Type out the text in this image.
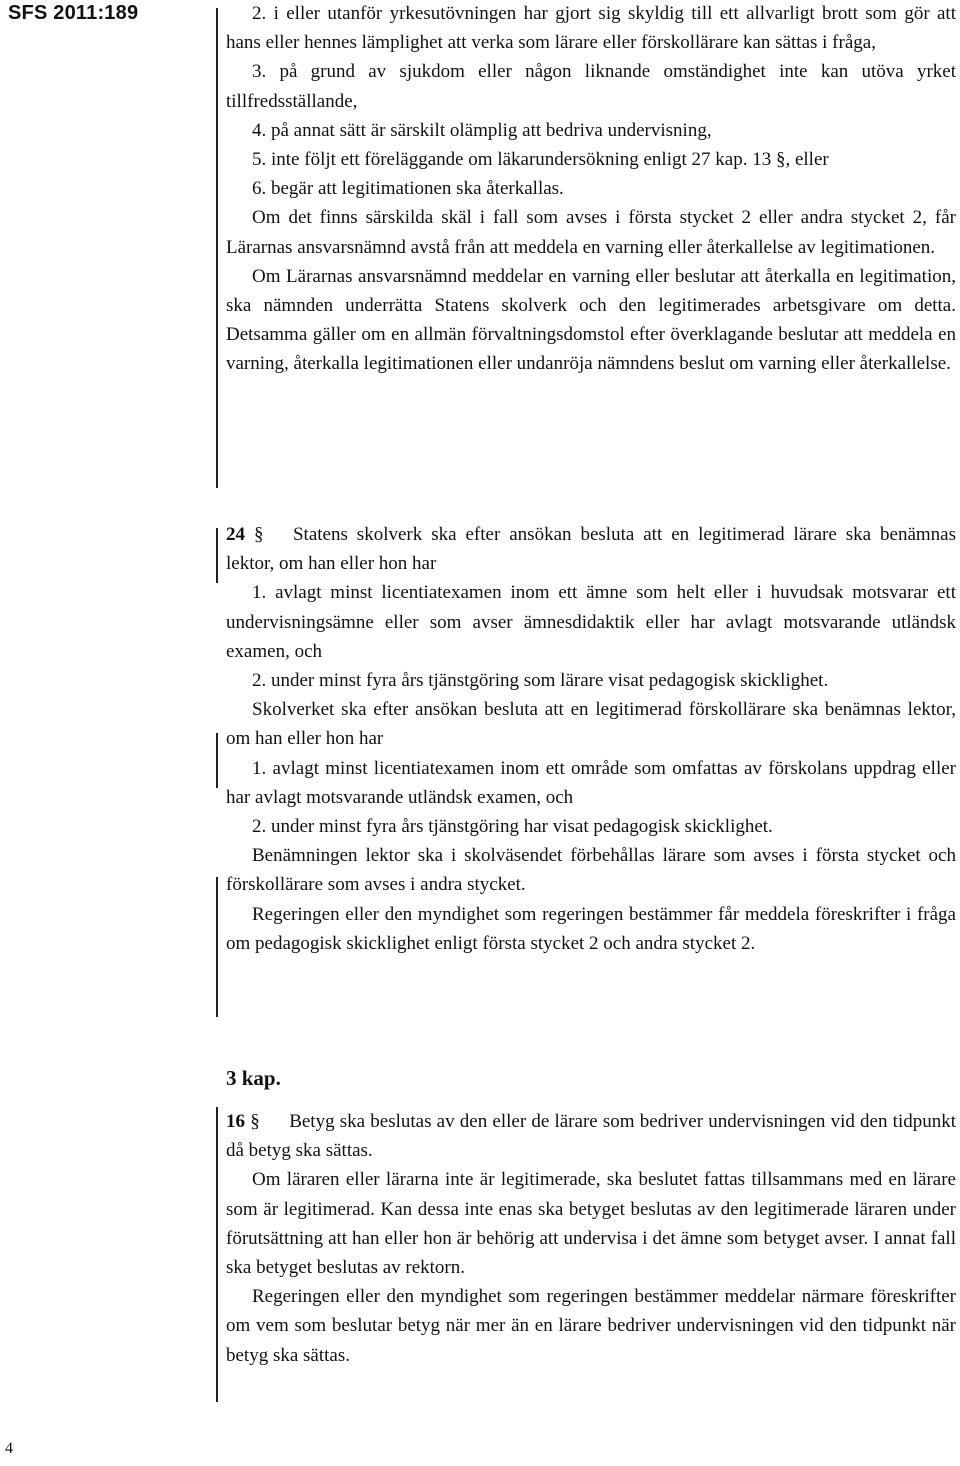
SFS 2011:189	2. i eller utanför yrkesutövningen har gjort sig skyldig till ett allvarligt brott som gör att hans eller hennes lämplighet att verka som lärare eller förskollärare kan sättas i fråga,

3. på grund av sjukdom eller någon liknande omständighet inte kan utöva yrket tillfredsställande,

4. på annat sätt är särskilt olämplig att bedriva undervisning,

5. inte följt ett föreläggande om läkarundersökning enligt 27 kap. 13 §, eller

6. begär att legitimationen ska återkallas.

Om det finns särskilda skäl i fall som avses i första stycket 2 eller andra stycket 2, får Lärarnas ansvarsnämnd avstå från att meddela en varning eller återkallelse av legitimationen.

Om Lärarnas ansvarsnämnd meddelar en varning eller beslutar att återkalla en legitimation, ska nämnden underrätta Statens skolverk och den legitimerades arbetsgivare om detta. Detsamma gäller om en allmän förvaltningsdomstol efter överklagande beslutar att meddela en varning, återkalla legitimationen eller undanröja nämndens beslut om varning eller återkallelse.

24 § Statens skolverk ska efter ansökan besluta att en legitimerad lärare ska benämnas lektor, om han eller hon har

1. avlagt minst licentiatexamen inom ett ämne som helt eller i huvudsak motsvarar ett undervisningsämne eller som avser ämnesdidaktik eller har avlagt motsvarande utländsk examen, och

2. under minst fyra års tjänstgöring som lärare visat pedagogisk skicklighet.

Skolverket ska efter ansökan besluta att en legitimerad förskollärare ska benämnas lektor, om han eller hon har

1. avlagt minst licentiatexamen inom ett område som omfattas av förskolans uppdrag eller har avlagt motsvarande utländsk examen, och

2. under minst fyra års tjänstgöring har visat pedagogisk skicklighet.

Benämningen lektor ska i skolväsendet förbehållas lärare som avses i första stycket och förskollärare som avses i andra stycket.

Regeringen eller den myndighet som regeringen bestämmer får meddela föreskrifter i fråga om pedagogisk skicklighet enligt första stycket 2 och andra stycket 2.

3 kap.

16 § Betyg ska beslutas av den eller de lärare som bedriver undervisningen vid den tidpunkt då betyg ska sättas.

Om läraren eller lärarna inte är legitimerade, ska beslutet fattas tillsammans med en lärare som är legitimerad. Kan dessa inte enas ska betyget beslutas av den legitimerade läraren under förutsättning att han eller hon är behörig att undervisa i det ämne som betyget avser. I annat fall ska betyget beslutas av rektorn.

Regeringen eller den myndighet som regeringen bestämmer meddelar närmare föreskrifter om vem som beslutar betyg när mer än en lärare bedriver undervisningen vid den tidpunkt när betyg ska sättas.

4
